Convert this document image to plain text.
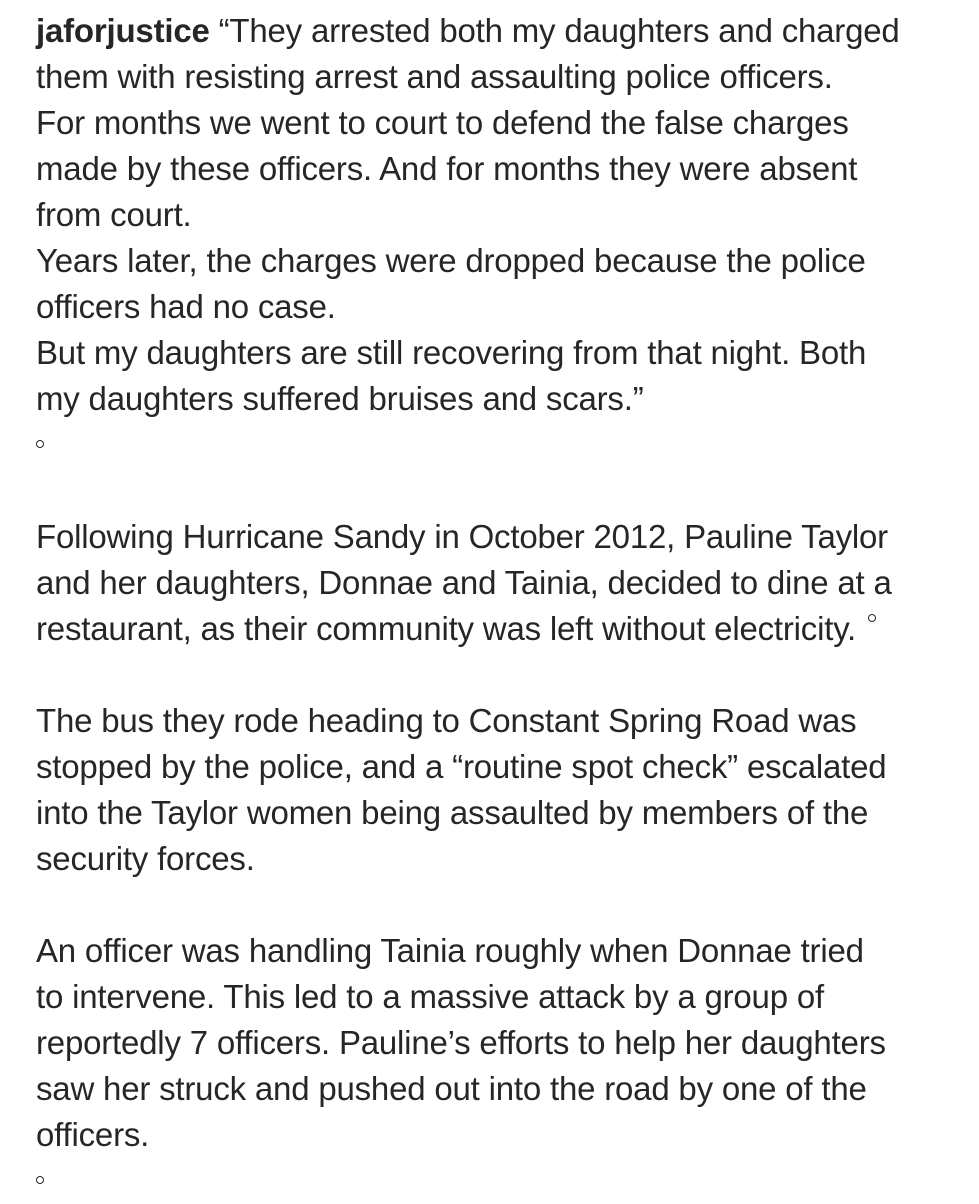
jaforjustice “They arrested both my daughters and charged
them with resisting arrest and assaulting police officers.
For months we went to court to defend the false charges
made by these officers. And for months they were absent
from court.
Years later, the charges were dropped because the police
officers had no case.
But my daughters are still recovering from that night. Both
my daughters suffered bruises and scars.”
Following Hurricane Sandy in October 2012, Pauline Taylor
and her daughters, Donnae and Tainia, decided to dine at a
restaurant, as their community was left without electricity.
The bus they rode heading to Constant Spring Road was
stopped by the police, and a “routine spot check” escalated
into the Taylor women being assaulted by members of the
security forces.
An officer was handling Tainia roughly when Donnae tried
to intervene. This led to a massive attack by a group of
reportedly 7 officers. Pauline’s efforts to help her daughters
saw her struck and pushed out into the road by one of the
officers.
